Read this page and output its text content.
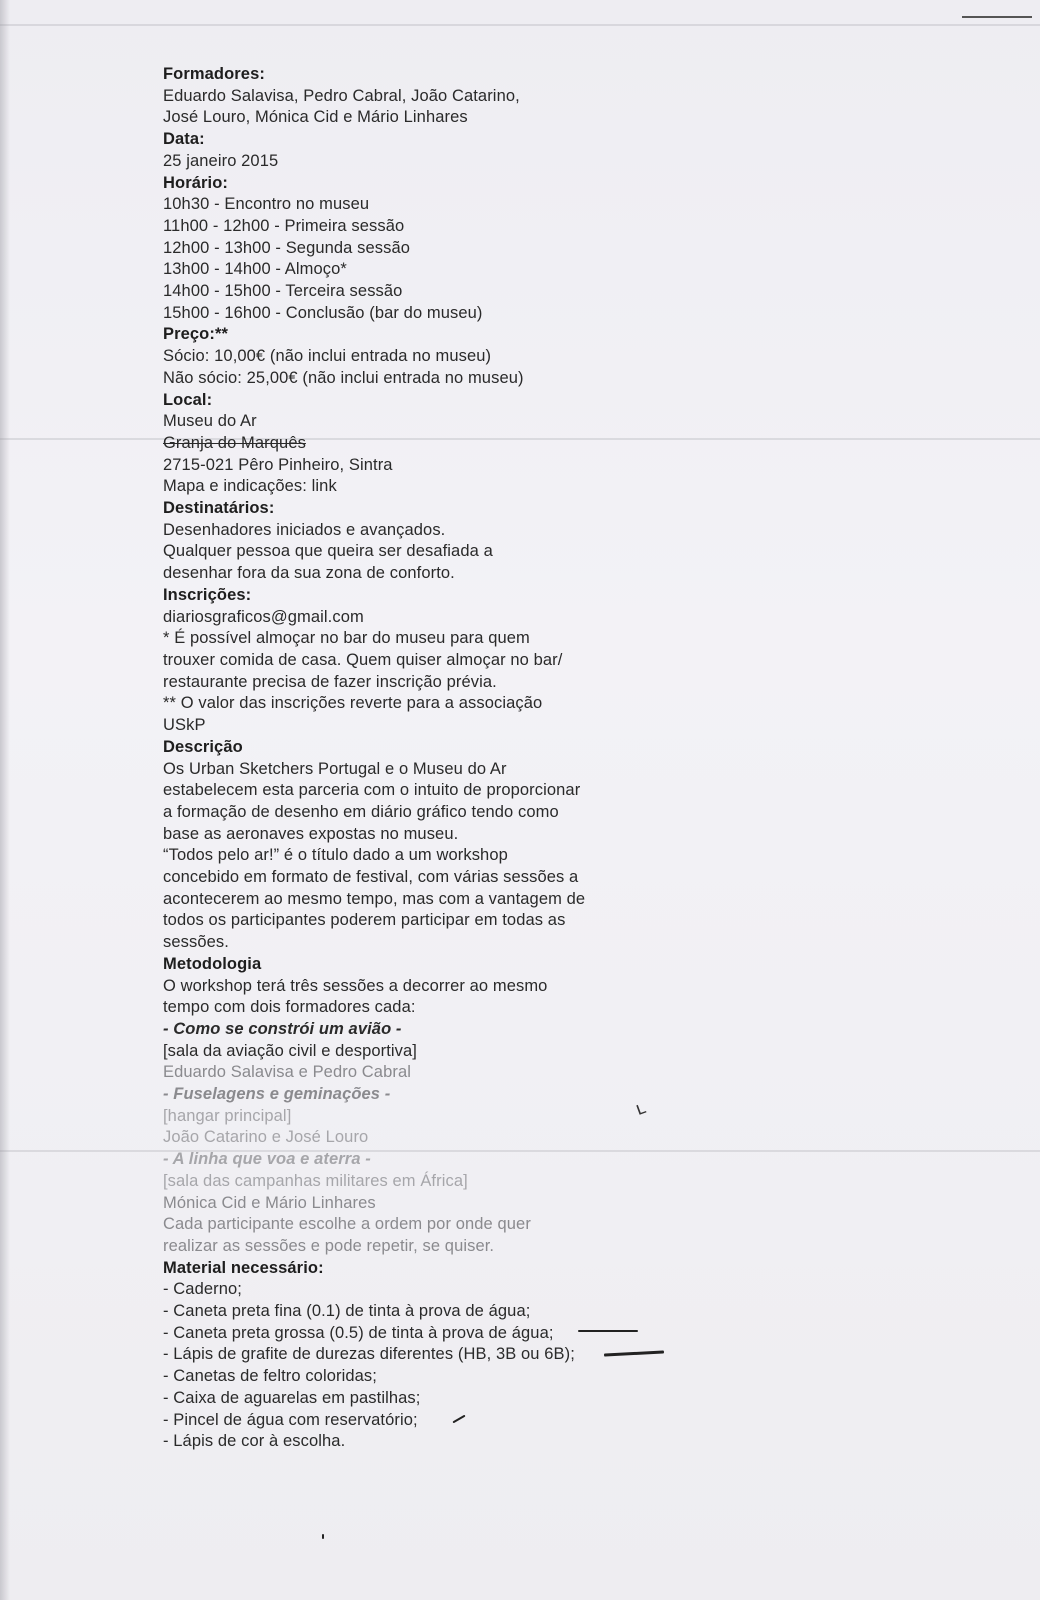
Formadores:
Eduardo Salavisa, Pedro Cabral, João Catarino,
José Louro, Mónica Cid e Mário Linhares
Data:
25 janeiro 2015
Horário:
10h30 - Encontro no museu
11h00 - 12h00 - Primeira sessão
12h00 - 13h00 - Segunda sessão
13h00 - 14h00 - Almoço*
14h00 - 15h00 - Terceira sessão
15h00 - 16h00 - Conclusão (bar do museu)
Preço:**
Sócio: 10,00€ (não inclui entrada no museu)
Não sócio: 25,00€ (não inclui entrada no museu)
Local:
Museu do Ar
Granja do Marquês
2715-021 Pêro Pinheiro, Sintra
Mapa e indicações: link
Destinatários:
Desenhadores iniciados e avançados.
Qualquer pessoa que queira ser desafiada a
desenhar fora da sua zona de conforto.
Inscrições:
diariosgraficos@gmail.com
* É possível almoçar no bar do museu para quem
trouxer comida de casa. Quem quiser almoçar no bar/
restaurante precisa de fazer inscrição prévia.
** O valor das inscrições reverte para a associação
USkP
Descrição
Os Urban Sketchers Portugal e o Museu do Ar
estabelecem esta parceria com o intuito de proporcionar
a formação de desenho em diário gráfico tendo como
base as aeronaves expostas no museu.
“Todos pelo ar!” é o título dado a um workshop
concebido em formato de festival, com várias sessões a
acontecerem ao mesmo tempo, mas com a vantagem de
todos os participantes poderem participar em todas as
sessões.
Metodologia
O workshop terá três sessões a decorrer ao mesmo
tempo com dois formadores cada:
- Como se constrói um avião -
[sala da aviação civil e desportiva]
Eduardo Salavisa e Pedro Cabral
- Fuselagens e geminações -
[hangar principal]
João Catarino e José Louro
- A linha que voa e aterra -
[sala das campanhas militares em África]
Mónica Cid e Mário Linhares
Cada participante escolhe a ordem por onde quer
realizar as sessões e pode repetir, se quiser.
Material necessário:
- Caderno;
- Caneta preta fina (0.1) de tinta à prova de água;
- Caneta preta grossa (0.5) de tinta à prova de água;
- Lápis de grafite de durezas diferentes (HB, 3B ou 6B);
- Canetas de feltro coloridas;
- Caixa de aguarelas em pastilhas;
- Pincel de água com reservatório;
- Lápis de cor à escolha.
ʟ
